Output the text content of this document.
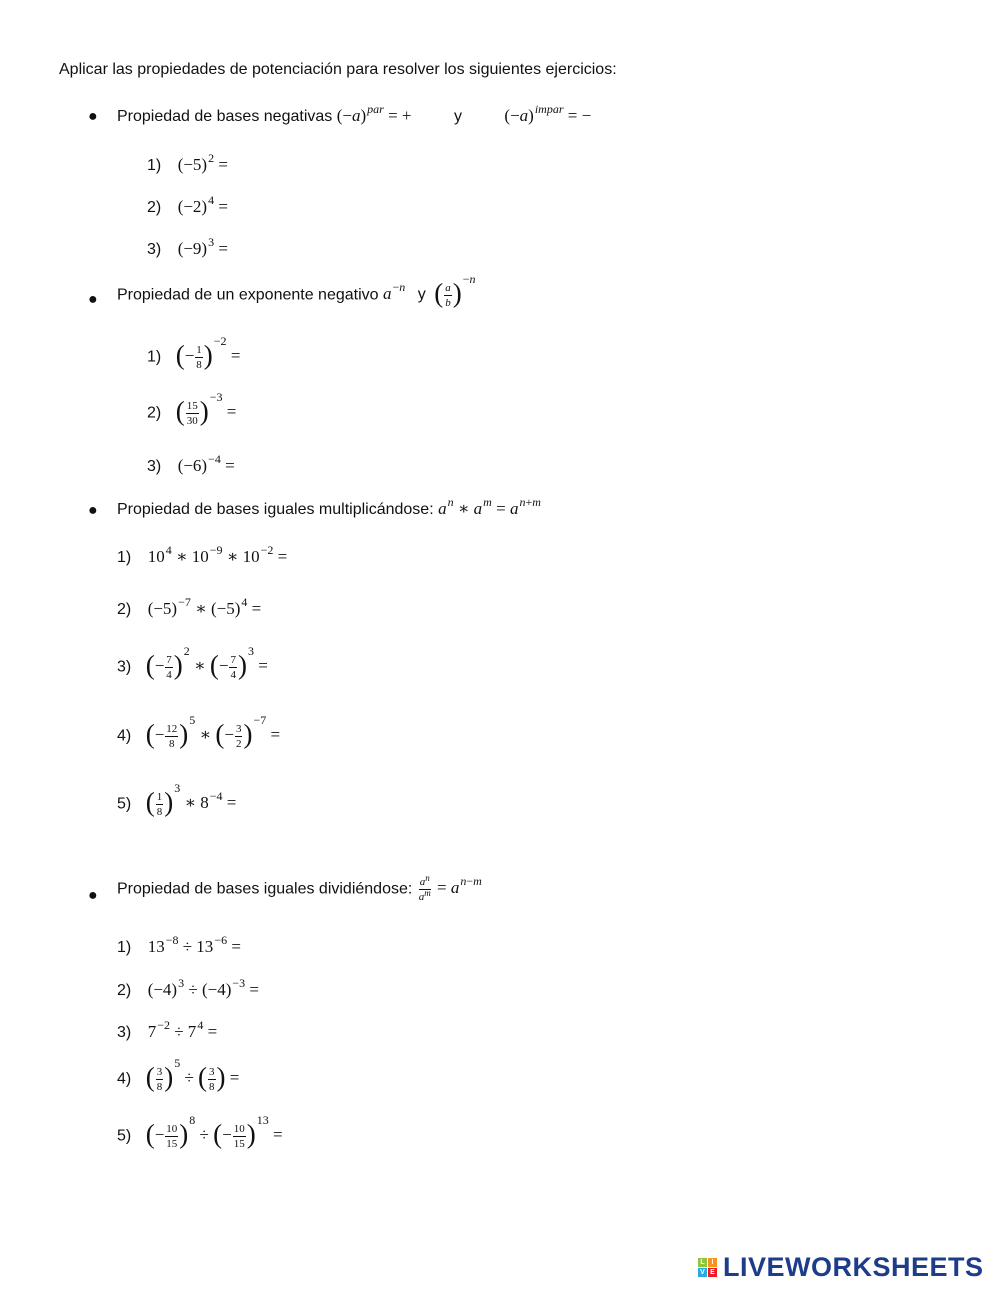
Aplicar las propiedades de potenciación para resolver los siguientes ejercicios:
● Propiedad de bases negativas $(-a)^{par}$ = +	y $(-a)^{impar}$ = −
1) $(-5)^2$ =
2) $(-2)^4$ =
3) $(-9)^3$ =
● Propiedad de un exponente negativo $a^{-n}$ y ( $\frac{a}{b} )^{-n}$
1) (− $\frac{1}{8} )^{-2}$ =
2) ( $\frac{15}{30} )^{-3}$ =
3) $(-6)^{-4}$ =
● Propiedad de bases iguales multiplicándose: $a^n$ ∗ $a^m = a^{n+m}$
1) $10^4$ ∗ $10^{-9}$ ∗ $10^{-2}$ =
2) $(-5)^{-7}$ ∗ $(-5)^4$ =
3) (− $\frac{7}{4} )^2$ ∗ (− $\frac{7}{4} )^3$ =
4) (− $\frac{12}{8} )^5$ ∗ (− $\frac{3}{2} )^{-7}$ =
5) ( $\frac{1}{8} )^3$ ∗ $8^{-4}$ =
● Propiedad de bases iguales dividiéndose: $\frac{a^n}{a^m} = a^{n-m}$
1) $13^{-8} \div 13^{-6}$ =
2) $(-4)^3 \div (-4)^{-3}$ =
3) $7^{-2} \div 7^4$ =
4) ( $\frac{3}{8} )^5$ ÷ ( $\frac{3}{8}$ ) =
5) (− $\frac{10}{15} )^8$ ÷ (− $\frac{10}{15} )^{13}$ =
L I
V E LIVEWORKSHEETS
